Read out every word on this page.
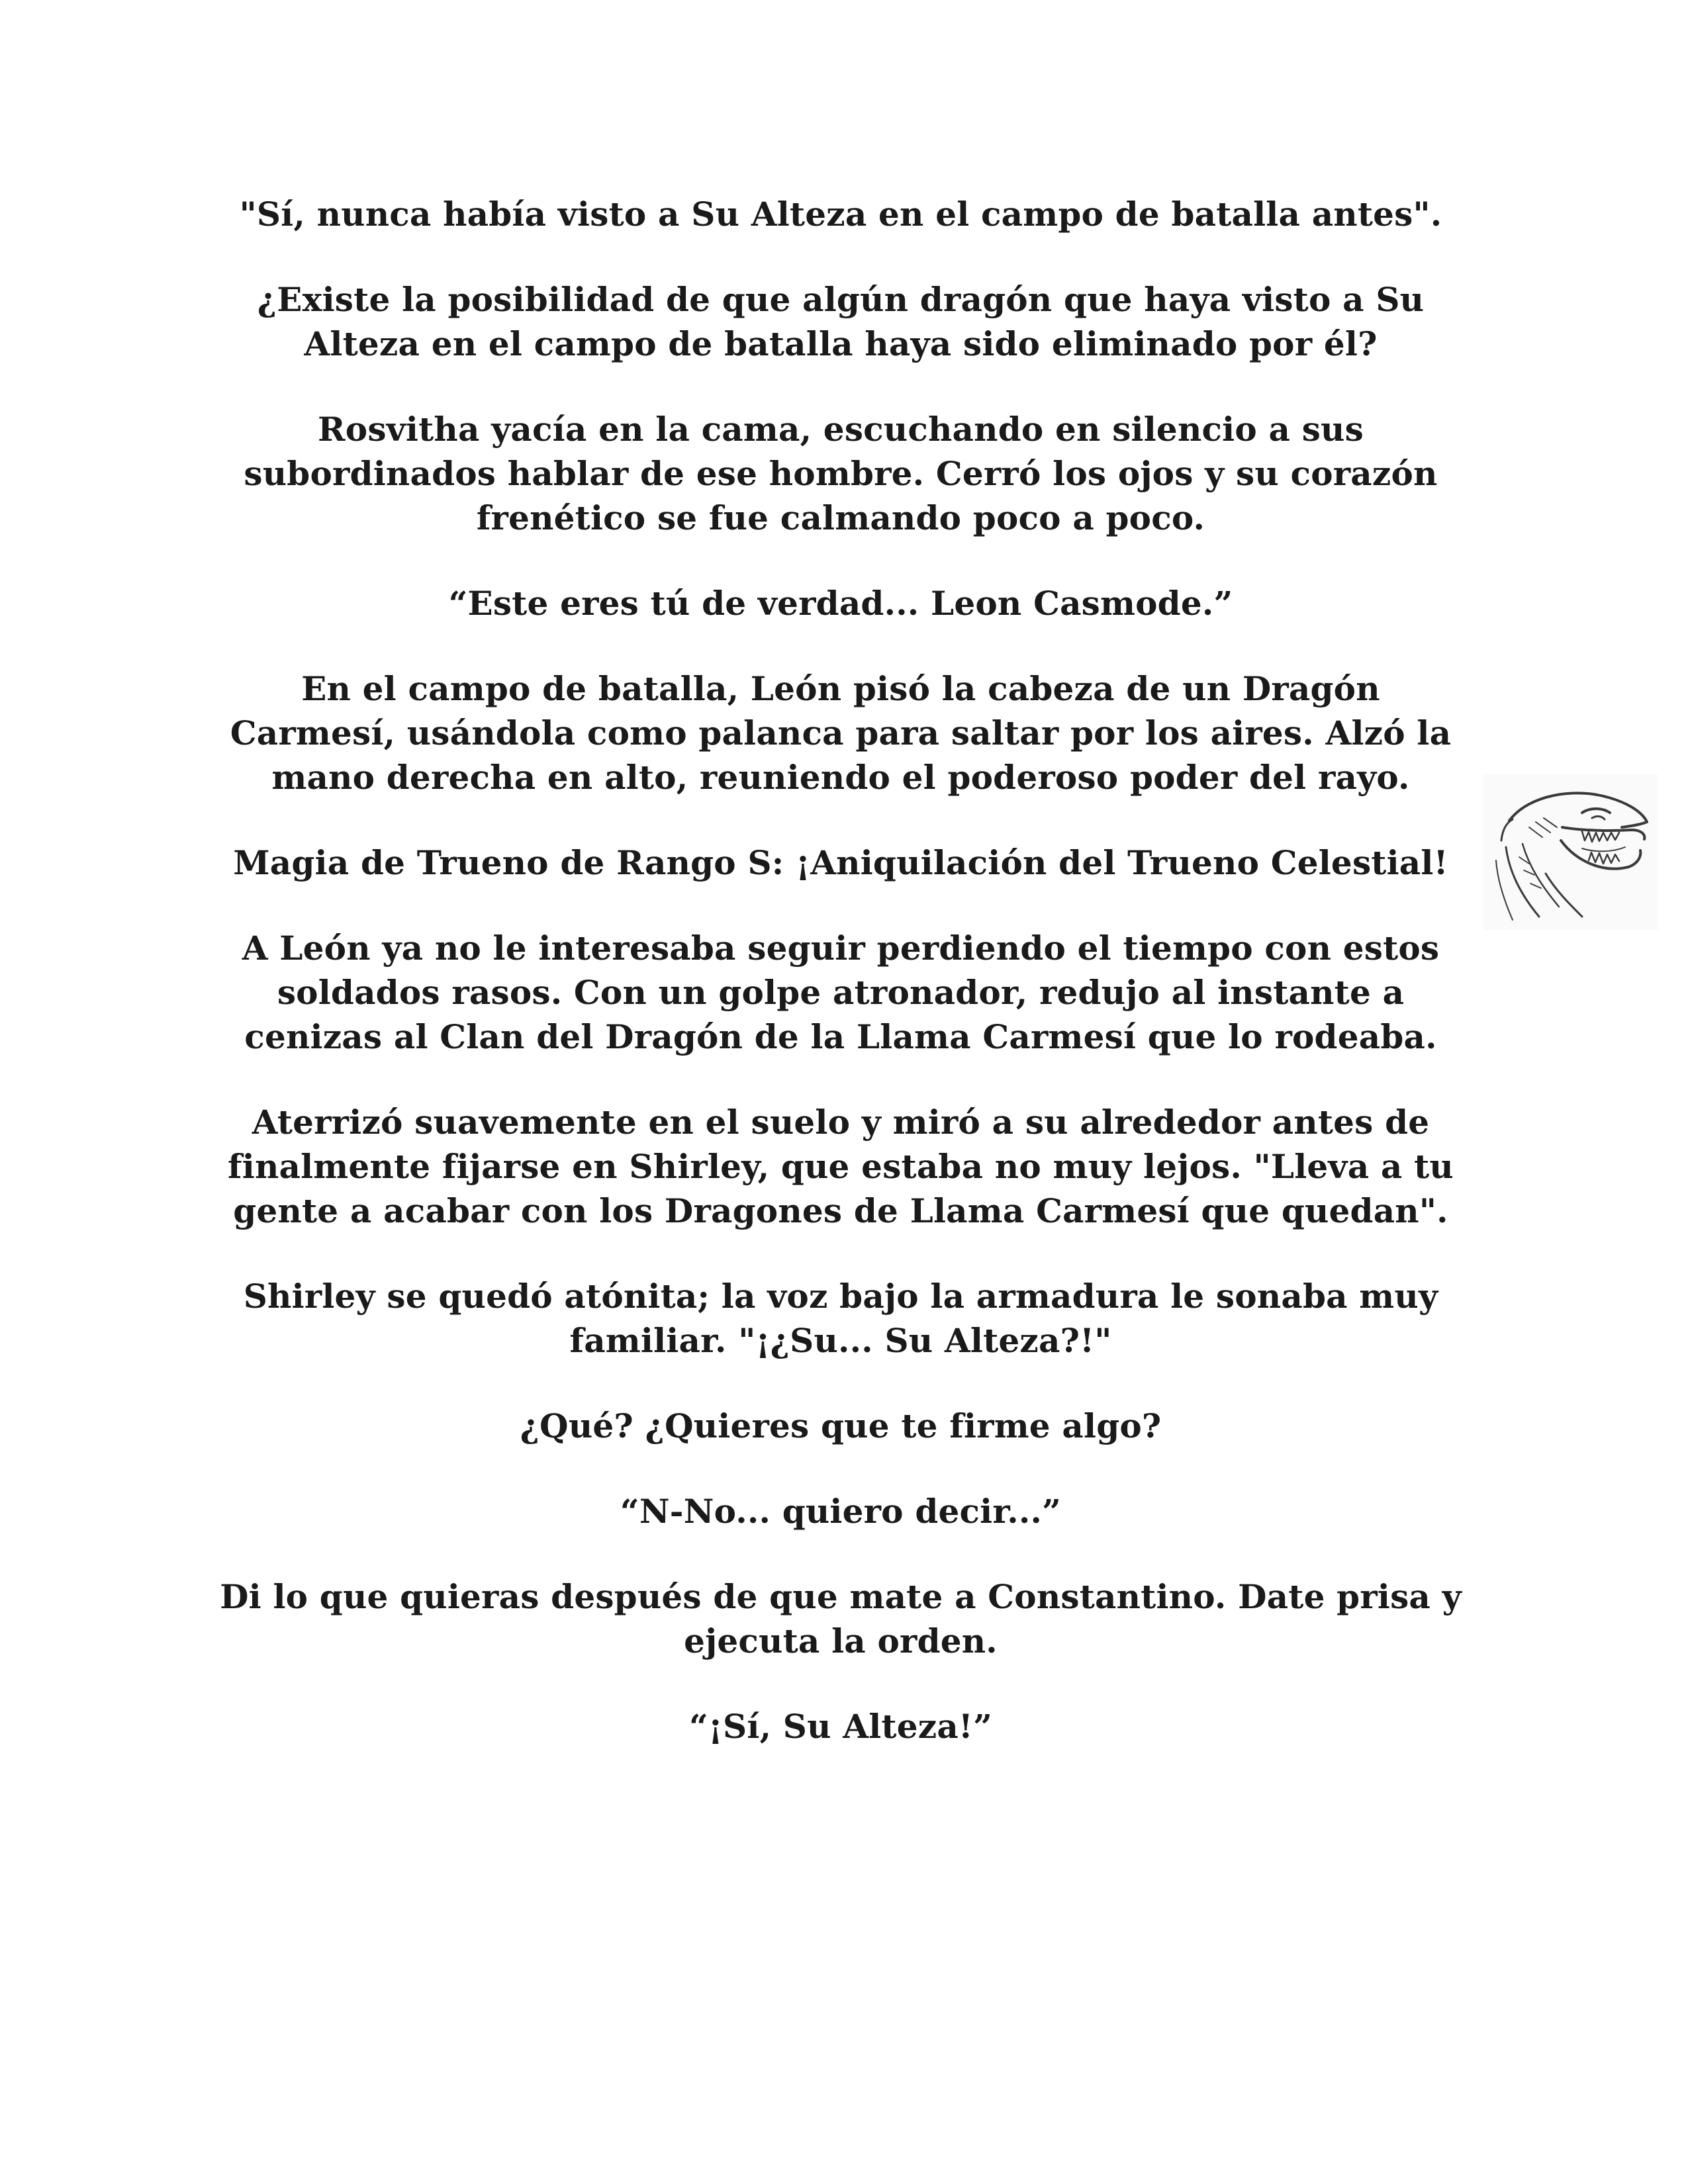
"Sí, nunca había visto a Su Alteza en el campo de batalla antes".

¿Existe la posibilidad de que algún dragón que haya visto a Su Alteza en el campo de batalla haya sido eliminado por él?

Rosvitha yacía en la cama, escuchando en silencio a sus subordinados hablar de ese hombre. Cerró los ojos y su corazón frenético se fue calmando poco a poco.

“Este eres tú de verdad... Leon Casmode.”

En el campo de batalla, León pisó la cabeza de un Dragón Carmesí, usándola como palanca para saltar por los aires. Alzó la mano derecha en alto, reuniendo el poderoso poder del rayo.

Magia de Trueno de Rango S: ¡Aniquilación del Trueno Celestial!

A León ya no le interesaba seguir perdiendo el tiempo con estos soldados rasos. Con un golpe atronador, redujo al instante a cenizas al Clan del Dragón de la Llama Carmesí que lo rodeaba.

Aterrizó suavemente en el suelo y miró a su alrededor antes de finalmente fijarse en Shirley, que estaba no muy lejos. "Lleva a tu gente a acabar con los Dragones de Llama Carmesí que quedan".

Shirley se quedó atónita; la voz bajo la armadura le sonaba muy familiar. "¡¿Su... Su Alteza?!"

¿Qué? ¿Quieres que te firme algo?

“N-No... quiero decir...”

Di lo que quieras después de que mate a Constantino. Date prisa y ejecuta la orden.

“¡Sí, Su Alteza!”
